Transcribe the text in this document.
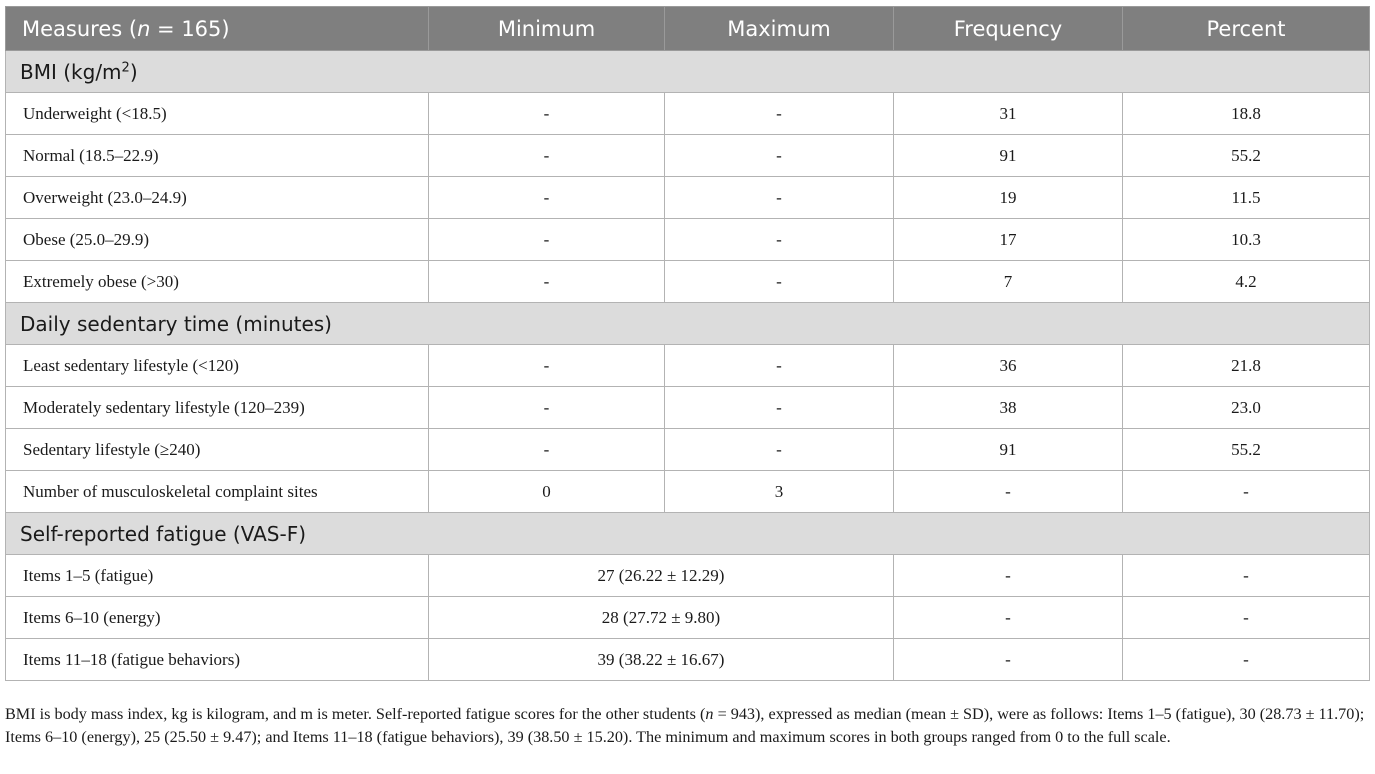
Measures (n = 165)	Minimum	Maximum	Frequency	Percent
BMI $(kg/m^2)$				
Underweight (<18.5)	-	-	31	18.8
Normal (18.5–22.9)	-	-	91	55.2
Overweight (23.0–24.9)	-	-	19	11.5
Obese (25.0–29.9)	-	-	17	10.3
Extremely obese (>30)	-	-	7	4.2
Daily sedentary time (minutes)				
Least sedentary lifestyle (<120)	-	-	36	21.8
Moderately sedentary lifestyle (120–239)	-	-	38	23.0
Sedentary lifestyle (≥240)	-	-	91	55.2
Number of musculoskeletal complaint sites	0	3	-	-
Self-reported fatigue (VAS-F)				
Items 1–5 (fatigue)	27 (26.22 ± 12.29)		-	-
Items 6–10 (energy)	28 (27.72 ± 9.80)		-	-
Items 11–18 (fatigue behaviors)	39 (38.22 ± 16.67)		-	-
BMI is body mass index, kg is kilogram, and m is meter. Self-reported fatigue scores for the other students (n = 943), expressed as median (mean ± SD), were as follows: Items 1–5 (fatigue), 30 (28.73 ± 11.70); Items 6–10 (energy), 25 (25.50 ± 9.47); and Items 11–18 (fatigue behaviors), 39 (38.50 ± 15.20). The minimum and maximum scores in both groups ranged from 0 to the full scale.
